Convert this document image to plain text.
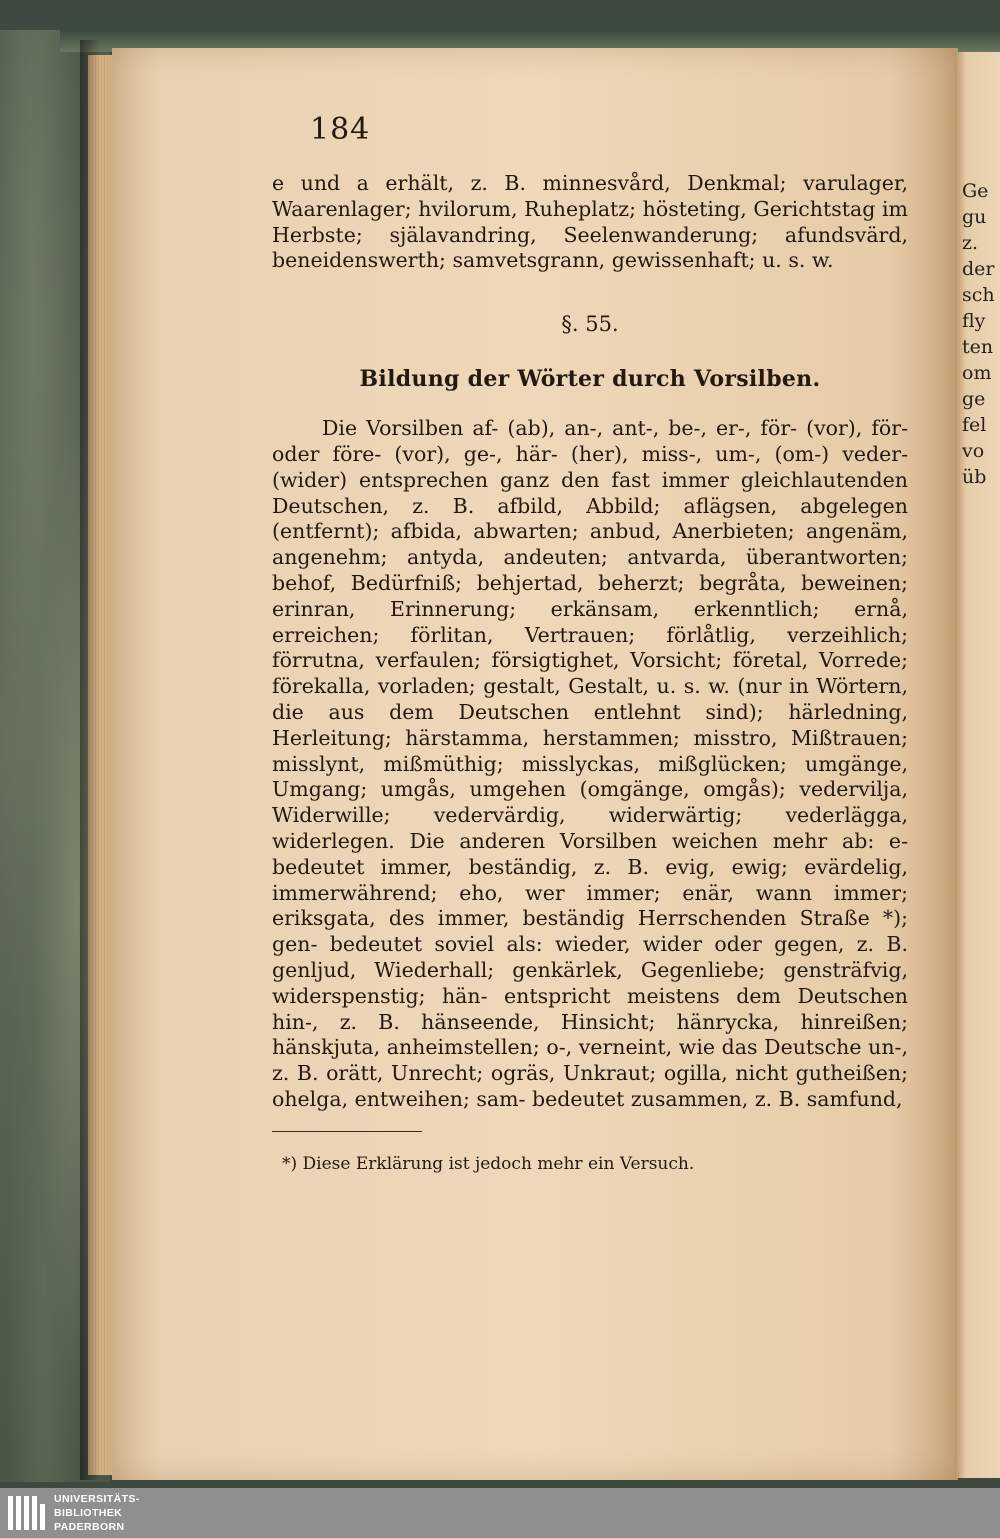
Ge
gu
z.
der
sch
fly
ten
om
ge
fel
vo
üb
184

e und a erhält, z. B. minnesvård, Denkmal; varulager, Waarenlager; hvilorum, Ruheplatz; hösteting, Gerichtstag im Herbste; själavandring, Seelenwanderung; afundsvärd, beneidenswerth; samvetsgrann, gewissenhaft; u. s. w.

§. 55.
Bildung der Wörter durch Vorsilben.

Die Vorsilben af- (ab), an-, ant-, be-, er-, för- (vor), för- oder före- (vor), ge-, här- (her), miss-, um-, (om-) veder- (wider) entsprechen ganz den fast immer gleichlautenden Deutschen, z. B. afbild, Abbild; aflägsen, abgelegen (entfernt); afbida, abwarten; anbud, Anerbieten; angenäm, angenehm; antyda, andeuten; antvarda, überantworten; behof, Bedürfniß; behjertad, beherzt; begråta, beweinen; erinran, Erinnerung; erkänsam, erkenntlich; ernå, erreichen; förlitan, Vertrauen; förlåtlig, verzeihlich; förrutna, verfaulen; försigtighet, Vorsicht; företal, Vorrede; förekalla, vorladen; gestalt, Gestalt, u. s. w. (nur in Wörtern, die aus dem Deutschen entlehnt sind); härledning, Herleitung; härstamma, herstammen; misstro, Mißtrauen; misslynt, mißmüthig; misslyckas, mißglücken; umgänge, Umgang; umgås, umgehen (omgänge, omgås); vedervilja, Widerwille; vedervärdig, widerwärtig; vederlägga, widerlegen. Die anderen Vorsilben weichen mehr ab: e- bedeutet immer, beständig, z. B. evig, ewig; evärdelig, immerwährend; eho, wer immer; enär, wann immer; eriksgata, des immer, beständig Herrschenden Straße *); gen- bedeutet soviel als: wieder, wider oder gegen, z. B. genljud, Wiederhall; genkärlek, Gegenliebe; gensträfvig, widerspenstig; hän- entspricht meistens dem Deutschen hin-, z. B. hänseende, Hinsicht; hänrycka, hinreißen; hänskjuta, anheimstellen; o-, verneint, wie das Deutsche un-, z. B. orätt, Unrecht; ogräs, Unkraut; ogilla, nicht gutheißen; ohelga, entweihen; sam- bedeutet zusammen, z. B. samfund,

*) Diese Erklärung ist jedoch mehr ein Versuch.
UNIVERSITÄTS-
BIBLIOTHEK
PADERBORN
